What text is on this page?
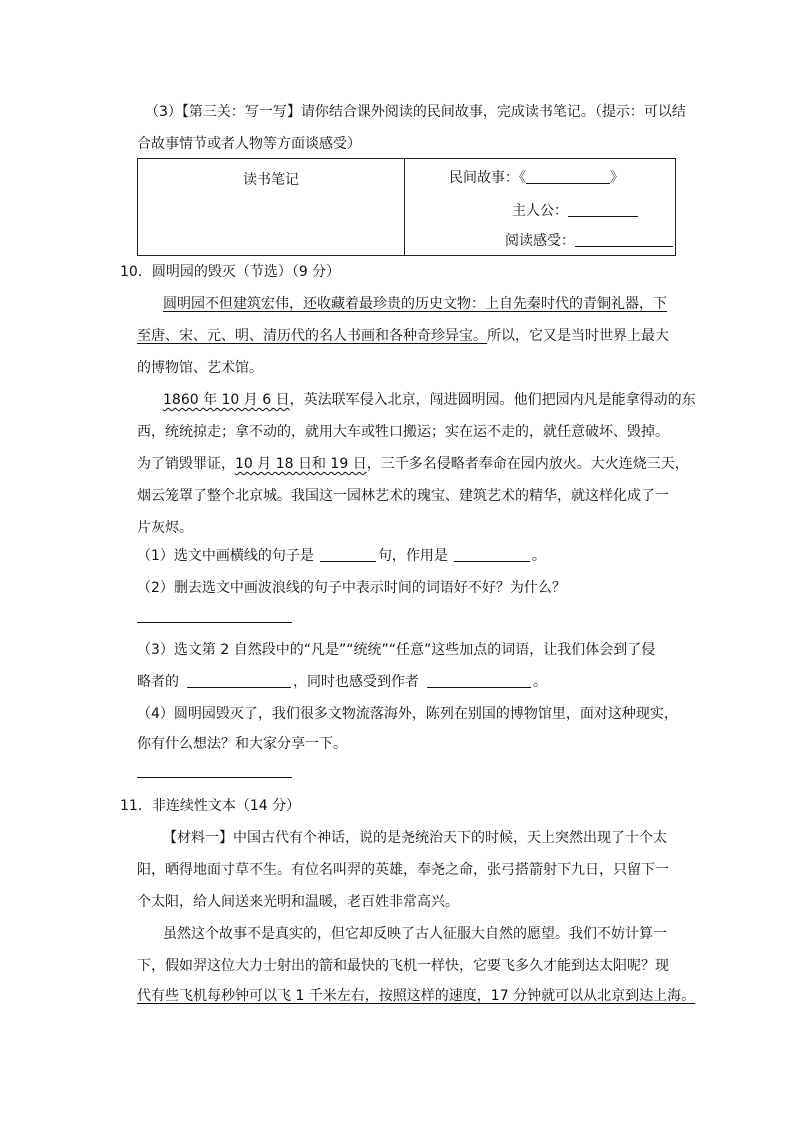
（3）【第三关：写一写】请你结合课外阅读的民间故事，完成读书笔记。（提示：可以结
合故事情节或者人物等方面谈感受）
读书笔记	民间故事：《	》
主人公：
阅读感受：
10．圆明园的毁灭（节选）（9 分）
圆明园不但建筑宏伟，还收藏着最珍贵的历史文物：上自先秦时代的青铜礼器，下
至唐、宋、元、明、清历代的名人书画和各种奇珍异宝。所以，它又是当时世界上最大
的博物馆、艺术馆。
1860 年 10 月 6 日，英法联军侵入北京，闯进圆明园。他们把园内凡是能拿得动的东
西，统统掠走；拿不动的，就用大车或牲口搬运；实在运不走的，就任意破坏、毁掉。
为了销毁罪证，10 月 18 日和 19 日，三千多名侵略者奉命在园内放火。大火连烧三天，
烟云笼罩了整个北京城。我国这一园林艺术的瑰宝、建筑艺术的精华，就这样化成了一
片灰烬。
（1）选文中画横线的句子是	句，作用是	。
（2）删去选文中画波浪线的句子中表示时间的词语好不好？为什么？
（3）选文第 2 自然段中的“凡是”“统统”“任意”这些加点的词语，让我们体会到了侵
略者的	，同时也感受到作者	。
（4）圆明园毁灭了，我们很多文物流落海外，陈列在别国的博物馆里，面对这种现实，
你有什么想法？和大家分享一下。
11．非连续性文本（14 分）
【材料一】中国古代有个神话，说的是尧统治天下的时候，天上突然出现了十个太
阳，晒得地面寸草不生。有位名叫羿的英雄，奉尧之命，张弓搭箭射下九日，只留下一
个太阳，给人间送来光明和温暖，老百姓非常高兴。
虽然这个故事不是真实的，但它却反映了古人征服大自然的愿望。我们不妨计算一
下，假如羿这位大力士射出的箭和最快的飞机一样快，它要飞多久才能到达太阳呢？现
代有些飞机每秒钟可以飞 1 千米左右，按照这样的速度，17 分钟就可以从北京到达上海。
